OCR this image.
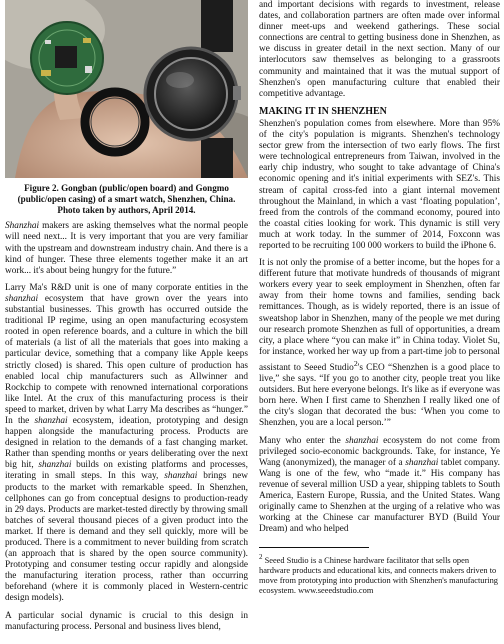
Figure 2. Gongban (public/open board) and Gongmo (public/open casing) of a smart watch, Shenzhen, China. Photo taken by authors, April 2014.

Shanzhai makers are asking themselves what the normal people will need next... It is very important that you are very familiar with the upstream and downstream industry chain. And there is a kind of hunger. These three elements together make it an art work... it's about being hungry for the future.”

Larry Ma's R&D unit is one of many corporate entities in the shanzhai ecosystem that have grown over the years into substantial businesses. This growth has occurred outside the traditional IP regime, using an open manufacturing ecosystem rooted in open reference boards, and a culture in which the bill of materials (a list of all the materials that goes into making a particular device, something that a company like Apple keeps strictly closed) is shared. This open culture of production has enabled local chip manufacturers such as Allwinner and Rockchip to compete with renowned international corporations like Intel. At the crux of this manufacturing process is their speed to market, driven by what Larry Ma describes as “hunger.” In the shanzhai ecosystem, ideation, prototyping and design happen alongside the manufacturing process. Products are designed in relation to the demands of a fast changing market. Rather than spending months or years deliberating over the next big hit, shanzhai builds on existing platforms and processes, iterating in small steps. In this way, shanzhai brings new products to the market with remarkable speed. In Shenzhen, cellphones can go from conceptual designs to production-ready in 29 days. Products are market-tested directly by throwing small batches of several thousand pieces of a given product into the market. If there is demand and they sell quickly, more will be produced. There is a commitment to never building from scratch (an approach that is shared by the open source community). Prototyping and consumer testing occur rapidly and alongside the manufacturing iteration process, rather than occurring beforehand (where it is commonly placed in Western-centric design models).

A particular social dynamic is crucial to this design in manufacturing process. Personal and business lives blend,

and important decisions with regards to investment, release dates, and collaboration partners are often made over informal dinner meet-ups and weekend gatherings. These social connections are central to getting business done in Shenzhen, as we discuss in greater detail in the next section. Many of our interlocutors saw themselves as belonging to a grassroots community and maintained that it was the mutual support of Shenzhen's open manufacturing culture that enabled their competitive advantage.

MAKING IT IN SHENZHEN

Shenzhen's population comes from elsewhere. More than 95% of the city's population is migrants. Shenzhen's technology sector grew from the intersection of two early flows. The first were technological entrepreneurs from Taiwan, involved in the early chip industry, who sought to take advantage of China's economic opening and it's initial experiments with SEZ's. This stream of capital cross-fed into a giant internal movement throughout the Mainland, in which a vast ‘floating population’, freed from the controls of the command economy, poured into the coastal cities looking for work. This dynamic is still very much at work today. In the summer of 2014, Foxconn was reported to be recruiting 100 000 workers to build the iPhone 6.

It is not only the promise of a better income, but the hopes for a different future that motivate hundreds of thousands of migrant workers every year to seek employment in Shenzhen, often far away from their home towns and families, sending back remittances. Though, as is widely reported, there is an issue of sweatshop labor in Shenzhen, many of the people we met during our research promote Shenzhen as full of opportunities, a dream city, a place where “you can make it” in China today. Violet Su, for instance, worked her way up from a part-time job to personal assistant to Seeed Studio$^2$'s CEO “Shenzhen is a good place to live,” she says. “If you go to another city, people treat you like outsiders. But here everyone belongs. It's like as if everyone was born here. When I first came to Shenzhen I really liked one of the city's slogan that decorated the bus: ‘When you come to Shenzhen, you are a local person.’”

Many who enter the shanzhai ecosystem do not come from privileged socio-economic backgrounds. Take, for instance, Ye Wang (anonymized), the manager of a shanzhai tablet company. Wang is one of the few, who “made it.” His company has revenue of several million USD a year, shipping tablets to South America, Eastern Europe, Russia, and the United States. Wang originally came to Shenzhen at the urging of a relative who was working at the Chinese car manufacturer BYD (Build Your Dream) and who helped

$^2$ Seeed Studio is a Chinese hardware facilitator that sells open hardware products and educational kits, and connects makers driven to move from prototyping into production with Shenzhen's manufacturing ecosystem. www.seeedstudio.com
